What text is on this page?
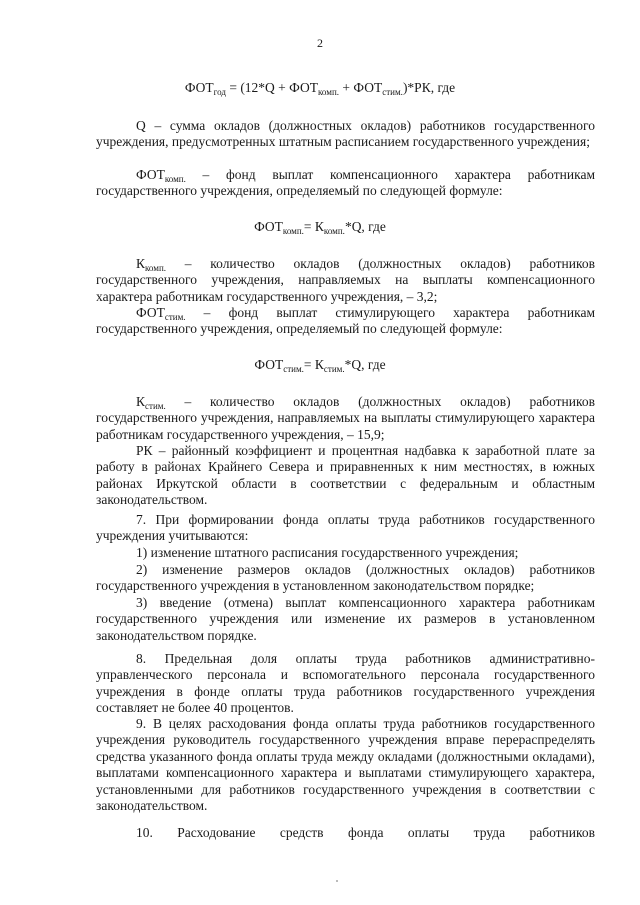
2
$ФОТ_{год} = (12*Q + ФОТ_{комп.} + ФОТ_{стим.})*РК$, где
Q – сумма окладов (должностных окладов) работников государственного учреждения, предусмотренных штатным расписанием государственного учреждения;
$ФОТ_{комп.}$ – фонд выплат компенсационного характера работникам государственного учреждения, определяемый по следующей формуле:
$ФОТ_{комп.}= К_{комп.}*Q$, где
$К_{комп.}$ – количество окладов (должностных окладов) работников государственного учреждения, направляемых на выплаты компенсационного характера работникам государственного учреждения, – 3,2;
$ФОТ_{стим.}$ – фонд выплат стимулирующего характера работникам государственного учреждения, определяемый по следующей формуле:
$ФОТ_{стим.}= К_{стим.}*Q$, где
$К_{стим.}$ – количество окладов (должностных окладов) работников государственного учреждения, направляемых на выплаты стимулирующего характера работникам государственного учреждения, – 15,9;
РК – районный коэффициент и процентная надбавка к заработной плате за работу в районах Крайнего Севера и приравненных к ним местностях, в южных районах Иркутской области в соответствии с федеральным и областным законодательством.
7. При формировании фонда оплаты труда работников государственного учреждения учитываются:
1) изменение штатного расписания государственного учреждения;
2) изменение размеров окладов (должностных окладов) работников государственного учреждения в установленном законодательством порядке;
3) введение (отмена) выплат компенсационного характера работникам государственного учреждения или изменение их размеров в установленном законодательством порядке.
8. Предельная доля оплаты труда работников административно-управленческого персонала и вспомогательного персонала государственного учреждения в фонде оплаты труда работников государственного учреждения составляет не более 40 процентов.
9. В целях расходования фонда оплаты труда работников государственного учреждения руководитель государственного учреждения вправе перераспределять средства указанного фонда оплаты труда между окладами (должностными окладами), выплатами компенсационного характера и выплатами стимулирующего характера, установленными для работников государственного учреждения в соответствии с законодательством.
10. Расходование средств фонда оплаты труда работников
